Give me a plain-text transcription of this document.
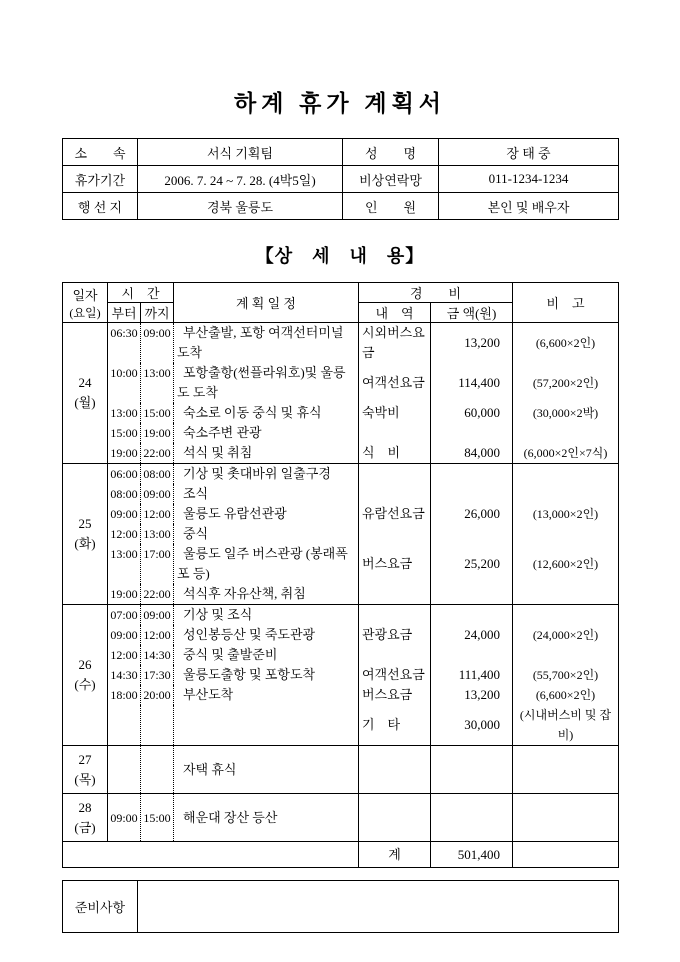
하계 휴가 계획서
소　　속	서식 기획팀	성　　명	장 태 중
휴가기간	2006. 7. 24 ~ 7. 28. (4박5일)	비상연락망	011-1234-1234
행 선 지	경북 울릉도	인　　원	본인 및 배우자
【상　세　내　용】
일자
(요일)	시　간		계 획 일 정	경　　비		비　고
	부터	까지		내　역	금 액(원)	

24
(월)	06:30	09:00	부산출발, 포항 여객선터미널 도착	시외버스요금	13,200	(6,600×2인)
	10:00	13:00	포항출항(썬플라워호)및 울릉도 도착	여객선요금	114,400	(57,200×2인)
	13:00	15:00	숙소로 이동 중식 및 휴식	숙박비	60,000	(30,000×2박)
	15:00	19:00	숙소주변 관광			
	19:00	22:00	석식 및 취침	식　비	84,000	(6,000×2인×7식)

25
(화)	06:00	08:00	기상 및 촛대바위 일출구경			
	08:00	09:00	조식			
	09:00	12:00	울릉도 유람선관광	유람선요금	26,000	(13,000×2인)
	12:00	13:00	중식			
	13:00	17:00	울릉도 일주 버스관광 (봉래폭포 등)	버스요금	25,200	(12,600×2인)
	19:00	22:00	석식후 자유산책, 취침			

26
(수)	07:00	09:00	기상 및 조식			
	09:00	12:00	성인봉등산 및 죽도관광	관광요금	24,000	(24,000×2인)
	12:00	14:30	중식 및 출발준비			
	14:30	17:30	울릉도출항 및 포항도착	여객선요금	111,400	(55,700×2인)
	18:00	20:00	부산도착	버스요금	13,200	(6,600×2인)
				기　타	30,000	(시내버스비 및 잡비)

27
(목)			자택 휴식			

28
(금)	09:00	15:00	해운대 장산 등산			
				계	501,400	
준비사항	
